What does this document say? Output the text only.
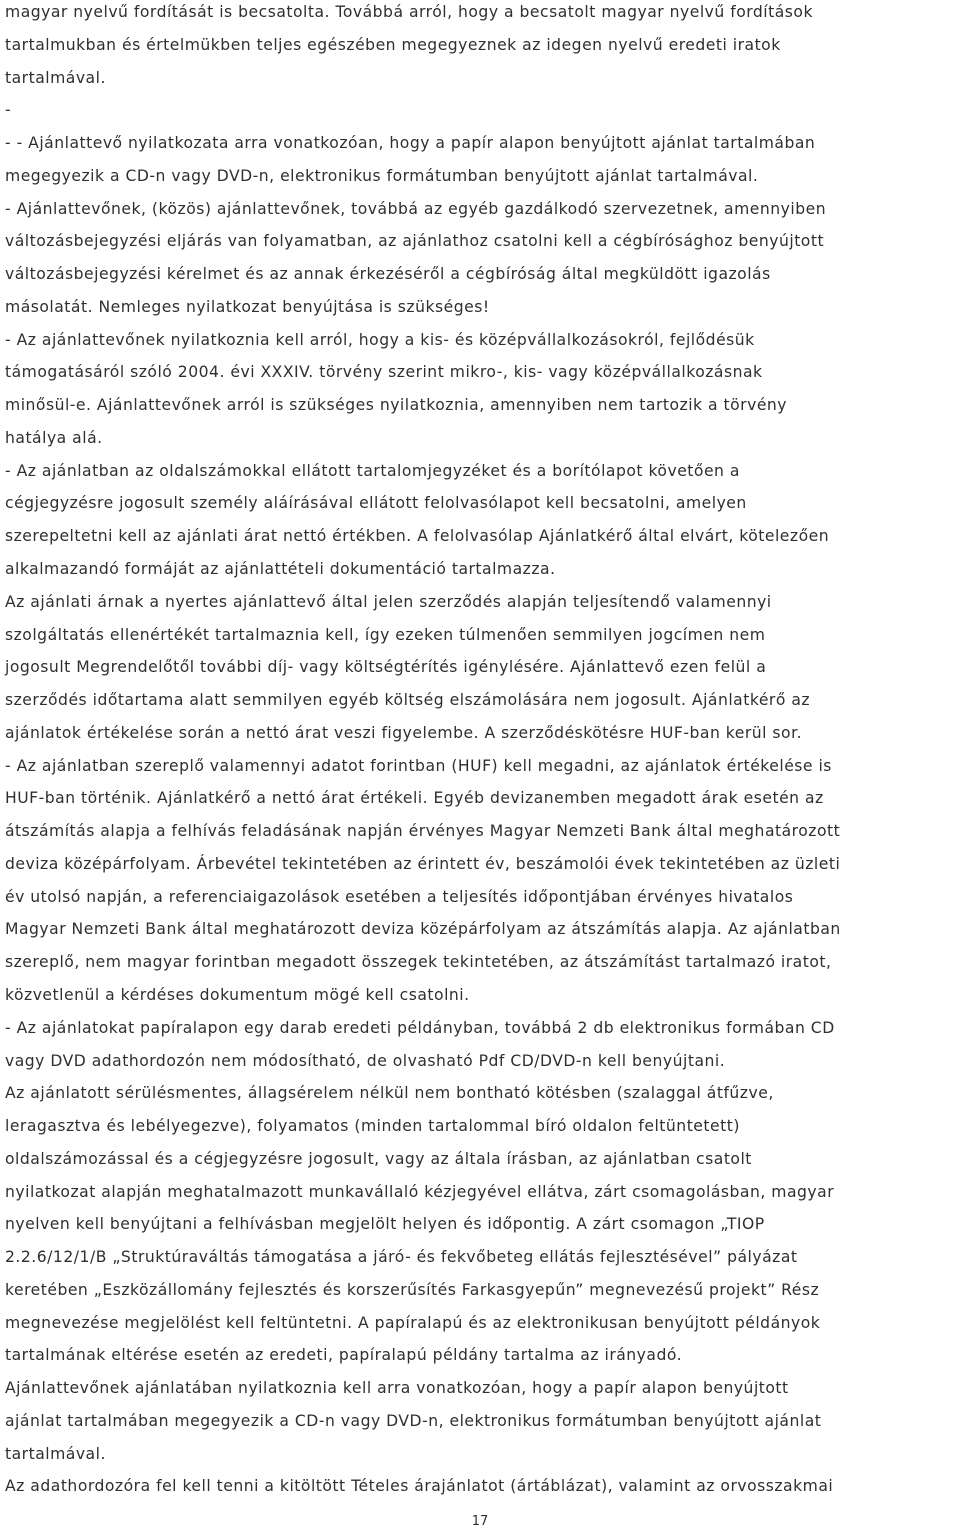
magyar nyelvű fordítását is becsatolta. Továbbá arról, hogy a becsatolt magyar nyelvű fordítások
tartalmukban és értelmükben teljes egészében megegyeznek az idegen nyelvű eredeti iratok
tartalmával.
-
- - Ajánlattevő nyilatkozata arra vonatkozóan, hogy a papír alapon benyújtott ajánlat tartalmában
megegyezik a CD-n vagy DVD-n, elektronikus formátumban benyújtott ajánlat tartalmával.
- Ajánlattevőnek, (közös) ajánlattevőnek, továbbá az egyéb gazdálkodó szervezetnek, amennyiben
változásbejegyzési eljárás van folyamatban, az ajánlathoz csatolni kell a cégbírósághoz benyújtott
változásbejegyzési kérelmet és az annak érkezéséről a cégbíróság által megküldött igazolás
másolatát. Nemleges nyilatkozat benyújtása is szükséges!
- Az ajánlattevőnek nyilatkoznia kell arról, hogy a kis- és középvállalkozásokról, fejlődésük
támogatásáról szóló 2004. évi XXXIV. törvény szerint mikro-, kis- vagy középvállalkozásnak
minősül-e. Ajánlattevőnek arról is szükséges nyilatkoznia, amennyiben nem tartozik a törvény
hatálya alá.
- Az ajánlatban az oldalszámokkal ellátott tartalomjegyzéket és a borítólapot követően a
cégjegyzésre jogosult személy aláírásával ellátott felolvasólapot kell becsatolni, amelyen
szerepeltetni kell az ajánlati árat nettó értékben. A felolvasólap Ajánlatkérő által elvárt, kötelezően
alkalmazandó formáját az ajánlattételi dokumentáció tartalmazza.
Az ajánlati árnak a nyertes ajánlattevő által jelen szerződés alapján teljesítendő valamennyi
szolgáltatás ellenértékét tartalmaznia kell, így ezeken túlmenően semmilyen jogcímen nem
jogosult Megrendelőtől további díj- vagy költségtérítés igénylésére. Ajánlattevő ezen felül a
szerződés időtartama alatt semmilyen egyéb költség elszámolására nem jogosult. Ajánlatkérő az
ajánlatok értékelése során a nettó árat veszi figyelembe. A szerződéskötésre HUF-ban kerül sor.
- Az ajánlatban szereplő valamennyi adatot forintban (HUF) kell megadni, az ajánlatok értékelése is
HUF-ban történik. Ajánlatkérő a nettó árat értékeli. Egyéb devizanemben megadott árak esetén az
átszámítás alapja a felhívás feladásának napján érvényes Magyar Nemzeti Bank által meghatározott
deviza középárfolyam. Árbevétel tekintetében az érintett év, beszámolói évek tekintetében az üzleti
év utolsó napján, a referenciaigazolások esetében a teljesítés időpontjában érvényes hivatalos
Magyar Nemzeti Bank által meghatározott deviza középárfolyam az átszámítás alapja. Az ajánlatban
szereplő, nem magyar forintban megadott összegek tekintetében, az átszámítást tartalmazó iratot,
közvetlenül a kérdéses dokumentum mögé kell csatolni.
- Az ajánlatokat papíralapon egy darab eredeti példányban, továbbá 2 db elektronikus formában CD
vagy DVD adathordozón nem módosítható, de olvasható Pdf CD/DVD-n kell benyújtani.
Az ajánlatott sérülésmentes, állagsérelem nélkül nem bontható kötésben (szalaggal átfűzve,
leragasztva és lebélyegezve), folyamatos (minden tartalommal bíró oldalon feltüntetett)
oldalszámozással és a cégjegyzésre jogosult, vagy az általa írásban, az ajánlatban csatolt
nyilatkozat alapján meghatalmazott munkavállaló kézjegyével ellátva, zárt csomagolásban, magyar
nyelven kell benyújtani a felhívásban megjelölt helyen és időpontig. A zárt csomagon „TIOP
2.2.6/12/1/B „Struktúraváltás támogatása a járó- és fekvőbeteg ellátás fejlesztésével” pályázat
keretében „Eszközállomány fejlesztés és korszerűsítés Farkasgyepűn” megnevezésű projekt” Rész
megnevezése megjelölést kell feltüntetni. A papíralapú és az elektronikusan benyújtott példányok
tartalmának eltérése esetén az eredeti, papíralapú példány tartalma az irányadó.
Ajánlattevőnek ajánlatában nyilatkoznia kell arra vonatkozóan, hogy a papír alapon benyújtott
ajánlat tartalmában megegyezik a CD-n vagy DVD-n, elektronikus formátumban benyújtott ajánlat
tartalmával.
Az adathordozóra fel kell tenni a kitöltött Tételes árajánlatot (ártáblázat), valamint az orvosszakmai
17
